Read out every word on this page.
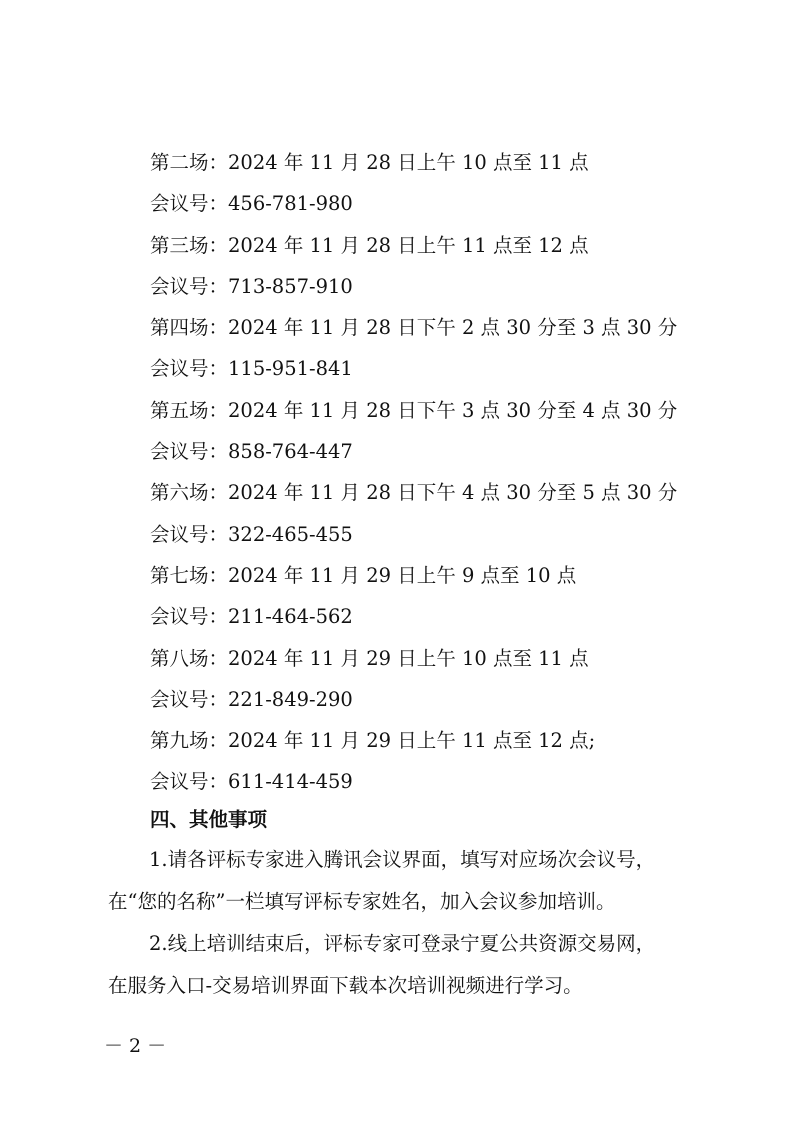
第二场：2024 年 11 月 28 日上午 10 点至 11 点
会议号：456-781-980
第三场：2024 年 11 月 28 日上午 11 点至 12 点
会议号：713-857-910
第四场：2024 年 11 月 28 日下午 2 点 30 分至 3 点 30 分
会议号：115-951-841
第五场：2024 年 11 月 28 日下午 3 点 30 分至 4 点 30 分
会议号：858-764-447
第六场：2024 年 11 月 28 日下午 4 点 30 分至 5 点 30 分
会议号：322-465-455
第七场：2024 年 11 月 29 日上午 9 点至 10 点
会议号：211-464-562
第八场：2024 年 11 月 29 日上午 10 点至 11 点
会议号：221-849-290
第九场：2024 年 11 月 29 日上午 11 点至 12 点;
会议号：611-414-459
四、其他事项

1.请各评标专家进入腾讯会议界面，填写对应场次会议号，

在“您的名称”一栏填写评标专家姓名，加入会议参加培训。

2.线上培训结束后，评标专家可登录宁夏公共资源交易网，

在服务入口-交易培训界面下载本次培训视频进行学习。

－ 2 －
